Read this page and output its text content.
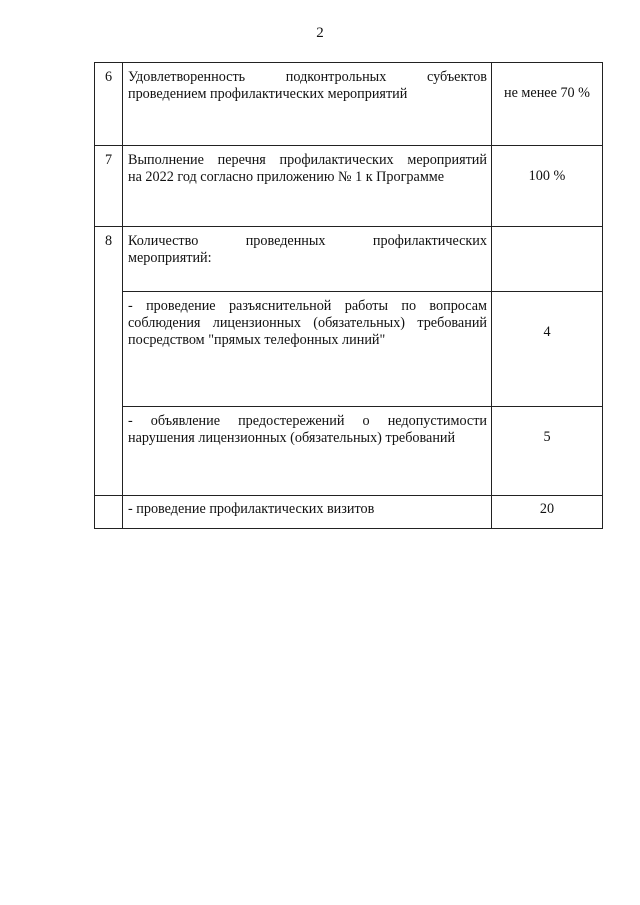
2
6	Удовлетворенность подконтрольных субъектов
проведением профилактических мероприятий	не менее 70 %
7	Выполнение перечня профилактических мероприятий
на 2022 год согласно приложению № 1 к Программе	100 %
8	Количество проведенных профилактических
мероприятий:	

	- проведение разъяснительной работы по вопросам
соблюдения лицензионных (обязательных) требований
посредством "прямых телефонных линий"	4

	- объявление предостережений о недопустимости
нарушения лицензионных (обязательных) требований	5

	- проведение профилактических визитов	20
